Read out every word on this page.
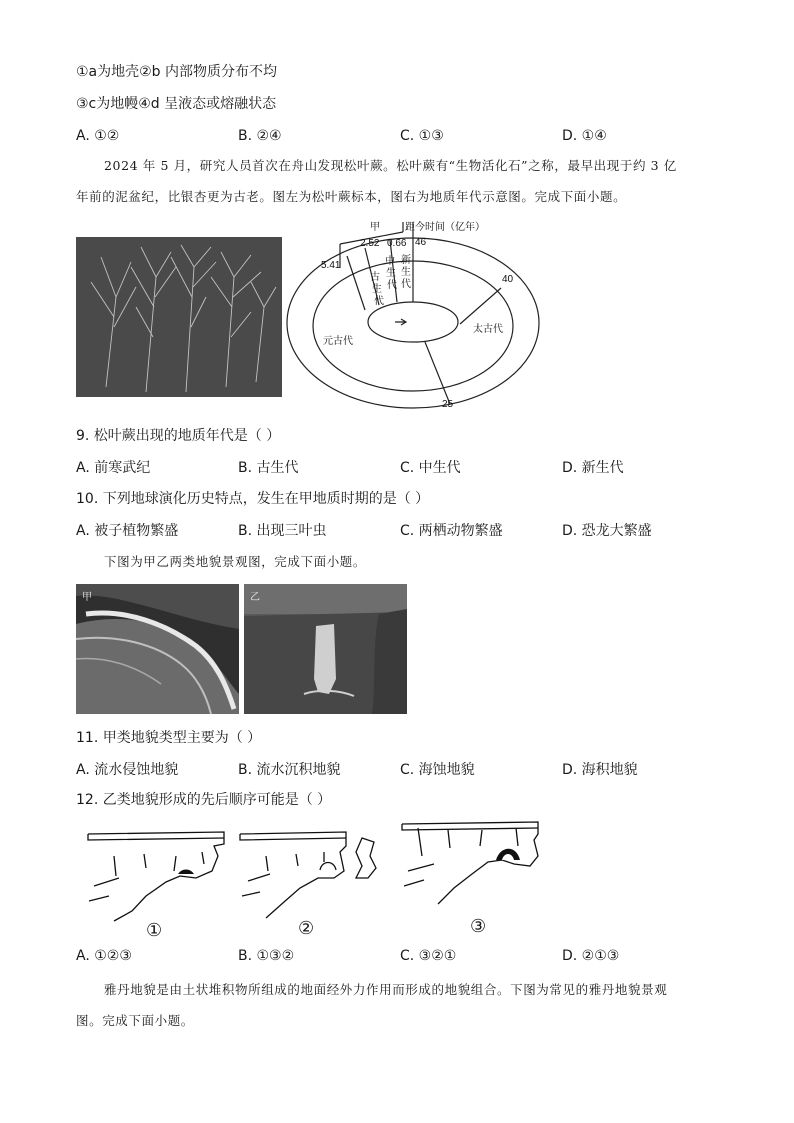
①a为地壳②b 内部物质分布不均
③c为地幔④d 呈液态或熔融状态
A. ①②	B. ②④	C. ①③	D. ①④
2024 年 5 月，研究人员首次在舟山发现松叶蕨。松叶蕨有“生物活化石”之称，最早出现于约 3 亿
年前的泥盆纪，比银杏更为古老。图左为松叶蕨标本，图右为地质年代示意图。完成下面小题。
甲	距今时间（亿年）
5.41
2.52 0.66 46
40
25
古
生
代
中
生
代
新
生
代
太古代
元古代
9. 松叶蕨出现的地质年代是（ ）
A. 前寒武纪	B. 古生代	C. 中生代	D. 新生代
10. 下列地球演化历史特点，发生在甲地质时期的是（ ）
A. 被子植物繁盛	B. 出现三叶虫	C. 两栖动物繁盛	D. 恐龙大繁盛
下图为甲乙两类地貌景观图，完成下面小题。
甲	乙
11. 甲类地貌类型主要为（ ）
A. 流水侵蚀地貌	B. 流水沉积地貌	C. 海蚀地貌	D. 海积地貌
12. 乙类地貌形成的先后顺序可能是（ ）
①	②	③
A. ①②③	B. ①③②	C. ③②①	D. ②①③
雅丹地貌是由土状堆积物所组成的地面经外力作用而形成的地貌组合。下图为常见的雅丹地貌景观
图。完成下面小题。
